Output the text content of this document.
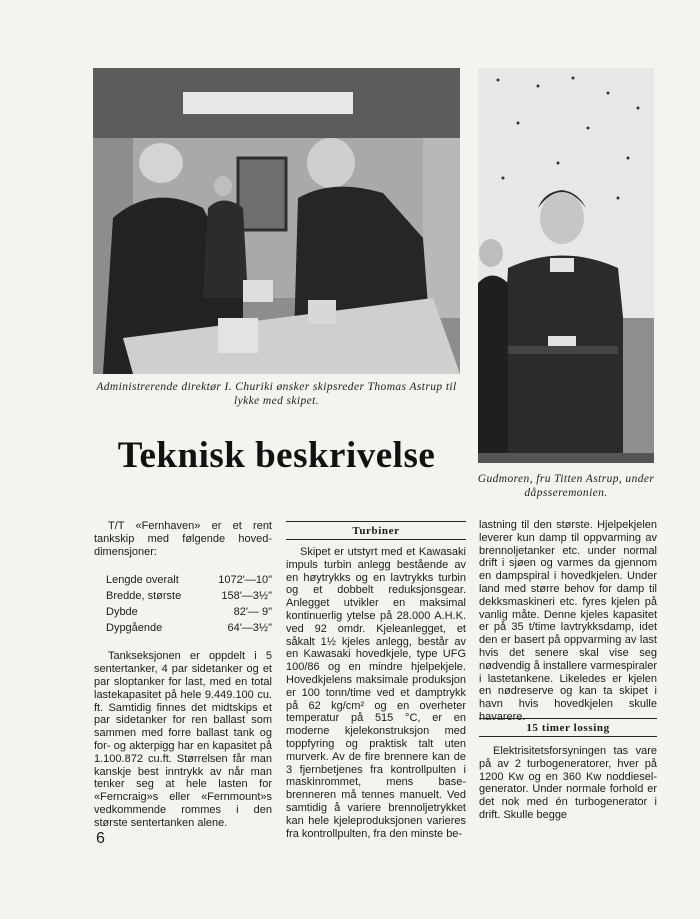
Administrerende direktør I. Churiki ønsker skipsreder Thomas Astrup til lykke med skipet.
Gudmoren, fru Titten Astrup, under dåpsseremonien.
Teknisk beskrivelse

T/T «Fernhaven» er et rent tankskip med følgende hoved-dimensjoner:

Lengde overalt	1072'—10"
Bredde, største	158'—3½"
Dybde	82'— 9"
Dypgående	64'—3½"

Tankseksjonen er oppdelt i 5 sentertanker, 4 par sidetanker og et par sloptanker for last, med en total lastekapasitet på hele 9.449.100 cu. ft. Samtidig finnes det midtskips et par sidetanker for ren ballast som sammen med forre ballast tank og for- og akterpigg har en kapasitet på 1.100.872 cu.ft. Størrelsen får man kanskje best inntrykk av når man tenker seg at hele lasten for «Ferncraig»s eller «Fernmount»s vedkommende rommes i den største sentertanken alene.

Turbiner

Skipet er utstyrt med et Kawasaki impuls turbin anlegg bestående av en høytrykks og en lavtrykks turbin og et dobbelt reduksjonsgear. Anlegget utvikler en maksimal kontinuerlig ytelse på 28.000 A.H.K. ved 92 omdr. Kjeleanlegget, et såkalt 1½ kjeles anlegg, består av en Kawasaki hovedkjele, type UFG 100/86 og en mindre hjelpekjele. Hovedkjelens maksimale produksjon er 100 tonn/time ved et damptrykk på 62 kg/cm² og en overheter temperatur på 515 °C, er en moderne kjelekonstruksjon med toppfyring og praktisk talt uten murverk. Av de fire brennere kan de 3 fjernbetjenes fra kontrollpulten i maskinrommet, mens base-brenneren må tennes manuelt. Ved samtidig å variere brennoljetrykket kan hele kjeleproduksjonen varieres fra kontrollpulten, fra den minste be-

lastning til den største. Hjelpekjelen leverer kun damp til oppvarming av brennoljetanker etc. under normal drift i sjøen og varmes da gjennom en dampspiral i hovedkjelen. Under land med større behov for damp til dekksmaskineri etc. fyres kjelen på vanlig måte. Denne kjeles kapasitet er på 35 t/time lavtrykksdamp, idet den er basert på oppvarming av last hvis det senere skal vise seg nødvendig å installere varmespiraler i lastetankene. Likeledes er kjelen en nødreserve og kan ta skipet i havn hvis hovedkjelen skulle havarere.

15 timer lossing

Elektrisitetsforsyningen tas vare på av 2 turbogeneratorer, hver på 1200 Kw og en 360 Kw noddiesel-generator. Under normale forhold er det nok med én turbogenerator i drift. Skulle begge

6
